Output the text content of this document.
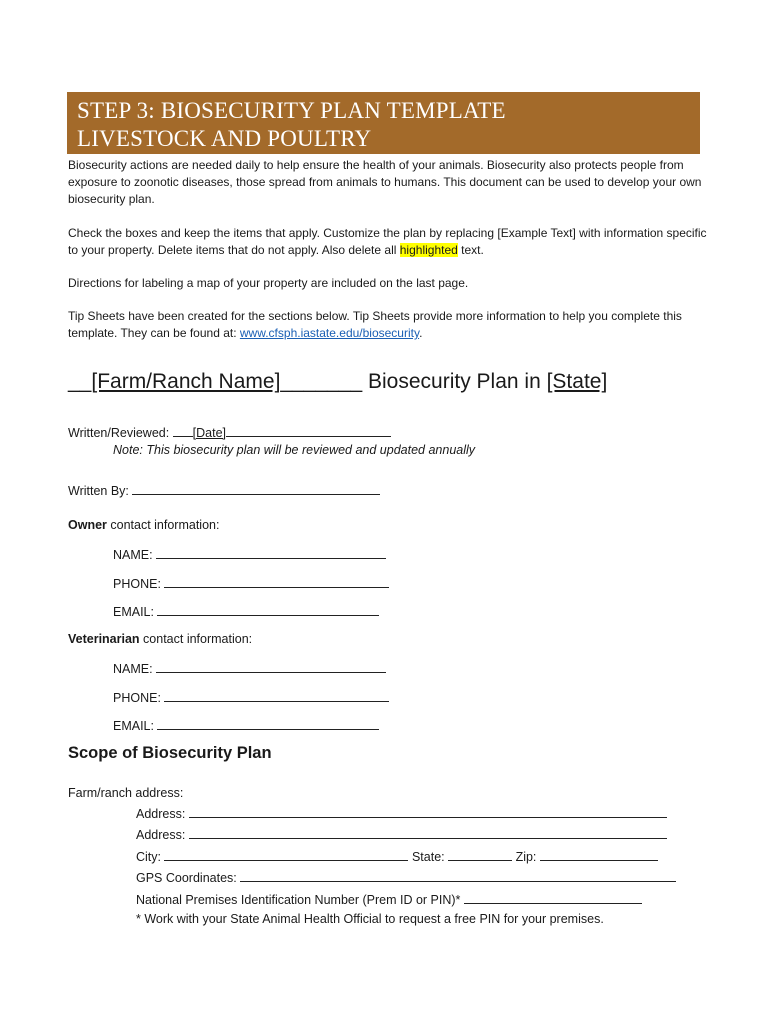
STEP 3: BIOSECURITY PLAN TEMPLATE
LIVESTOCK AND POULTRY
Biosecurity actions are needed daily to help ensure the health of your animals. Biosecurity also protects people from exposure to zoonotic diseases, those spread from animals to humans. This document can be used to develop your own biosecurity plan.
Check the boxes and keep the items that apply. Customize the plan by replacing [Example Text] with information specific to your property. Delete items that do not apply. Also delete all highlighted text.
Directions for labeling a map of your property are included on the last page.
Tip Sheets have been created for the sections below. Tip Sheets provide more information to help you complete this template. They can be found at: www.cfsph.iastate.edu/biosecurity.
__[Farm/Ranch Name]_______ Biosecurity Plan in [State]
Written/Reviewed: [Date]
Note: This biosecurity plan will be reviewed and updated annually
Written By:
Owner contact information:
NAME:
PHONE:
EMAIL:
Veterinarian contact information:
NAME:
PHONE:
EMAIL:
Scope of Biosecurity Plan
Farm/ranch address:
Address:
Address:
City:	State:	Zip:
GPS Coordinates:
National Premises Identification Number (Prem ID or PIN)*
* Work with your State Animal Health Official to request a free PIN for your premises.
